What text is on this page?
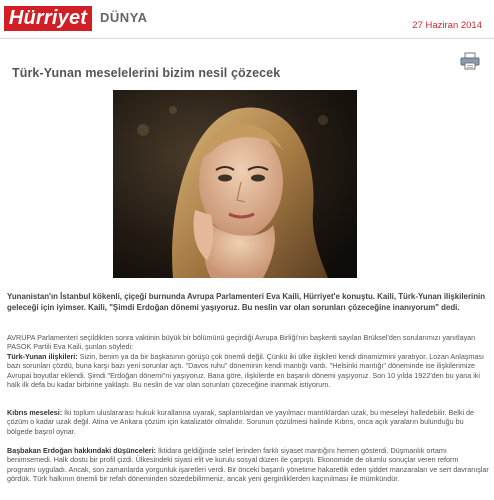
Hürriyet DÜNYA
27 Haziran 2014
Türk-Yunan meselelerini bizim nesil çözecek
Yunanistan'ın İstanbul kökenli, çiçeği burnunda Avrupa Parlamenteri Eva Kaili, Hürriyet'e konuştu. Kaili, Türk-Yunan ilişkilerinin geleceği için iyimser. Kaili, "Şimdi Erdoğan dönemi yaşıyoruz. Bu neslin var olan sorunları çözeceğine inanıyorum" dedi.
AVRUPA Parlamenteri seçildikten sonra vaktinin büyük bir bölümünü geçirdiği Avrupa Birliği'nin başkenti sayılan Brüksel'den sorularımızı yanıtlayan PASOK Partili Eva Kaili, şunları söyledi:
Türk-Yunan ilişkileri: Sizin, benim ya da bir başkasının görüşü çok önemli değil. Çünkü iki ülke ilişkileri kendi dinamizmini yaratıyor. Lozan Anlaşması bazı sorunları çözdü, buna karşı bazı yeni sorunlar açtı. "Davos ruhu" döneminin kendi mantığı vardı. "Helsinki mantığı" döneminde ise ilişkilerimize Avrupai boyutlar eklendi. Şimdi "Erdoğan dönemi"ni yaşıyoruz. Bana göre, ilişkilerde en başarılı dönemi yaşıyoruz. Son 10 yılda 1922'den bu yana iki halk ilk defa bu kadar birbirine yaklaştı. Bu neslin de var olan sorunları çözeceğine inanmak istiyorum.
Kıbrıs meselesi: İki toplum uluslararası hukuk kurallarına uyarak, saplantılardan ve yayılmacı mantıklardan uzak, bu meseleyi halledebilir. Belki de çözüm o kadar uzak değil. Atina ve Ankara çözüm için katalizatör olmalıdır. Sorunun çözülmesi halinde Kıbrıs, onca açık yaraların bulunduğu bu bölgede başrol oynar.
Başbakan Erdoğan hakkındaki düşünceleri: İktidara geldiğinde selef lerinden farklı siyaset mantığını hemen gösterdi. Düşmanlık ortamı benimsemedi. Halk dostu bir profil çizdi. Ülkesindeki siyasi elit ve kurulu sosyal düzen ile çarpıştı. Ekonomide de olumlu sonuçlar veren reform programı uyguladı. Ancak, son zamanlarda yorgunluk işaretleri verdi. Bir önceki başarılı yönetime hakaretlik eden şiddet manzaraları ve sert davranışlar gördük. Türk halkının önemli bir refah döneminden sözedebilirmeniz, ancak yeni gerginliklerden kaçınılması ile mümkündür.
